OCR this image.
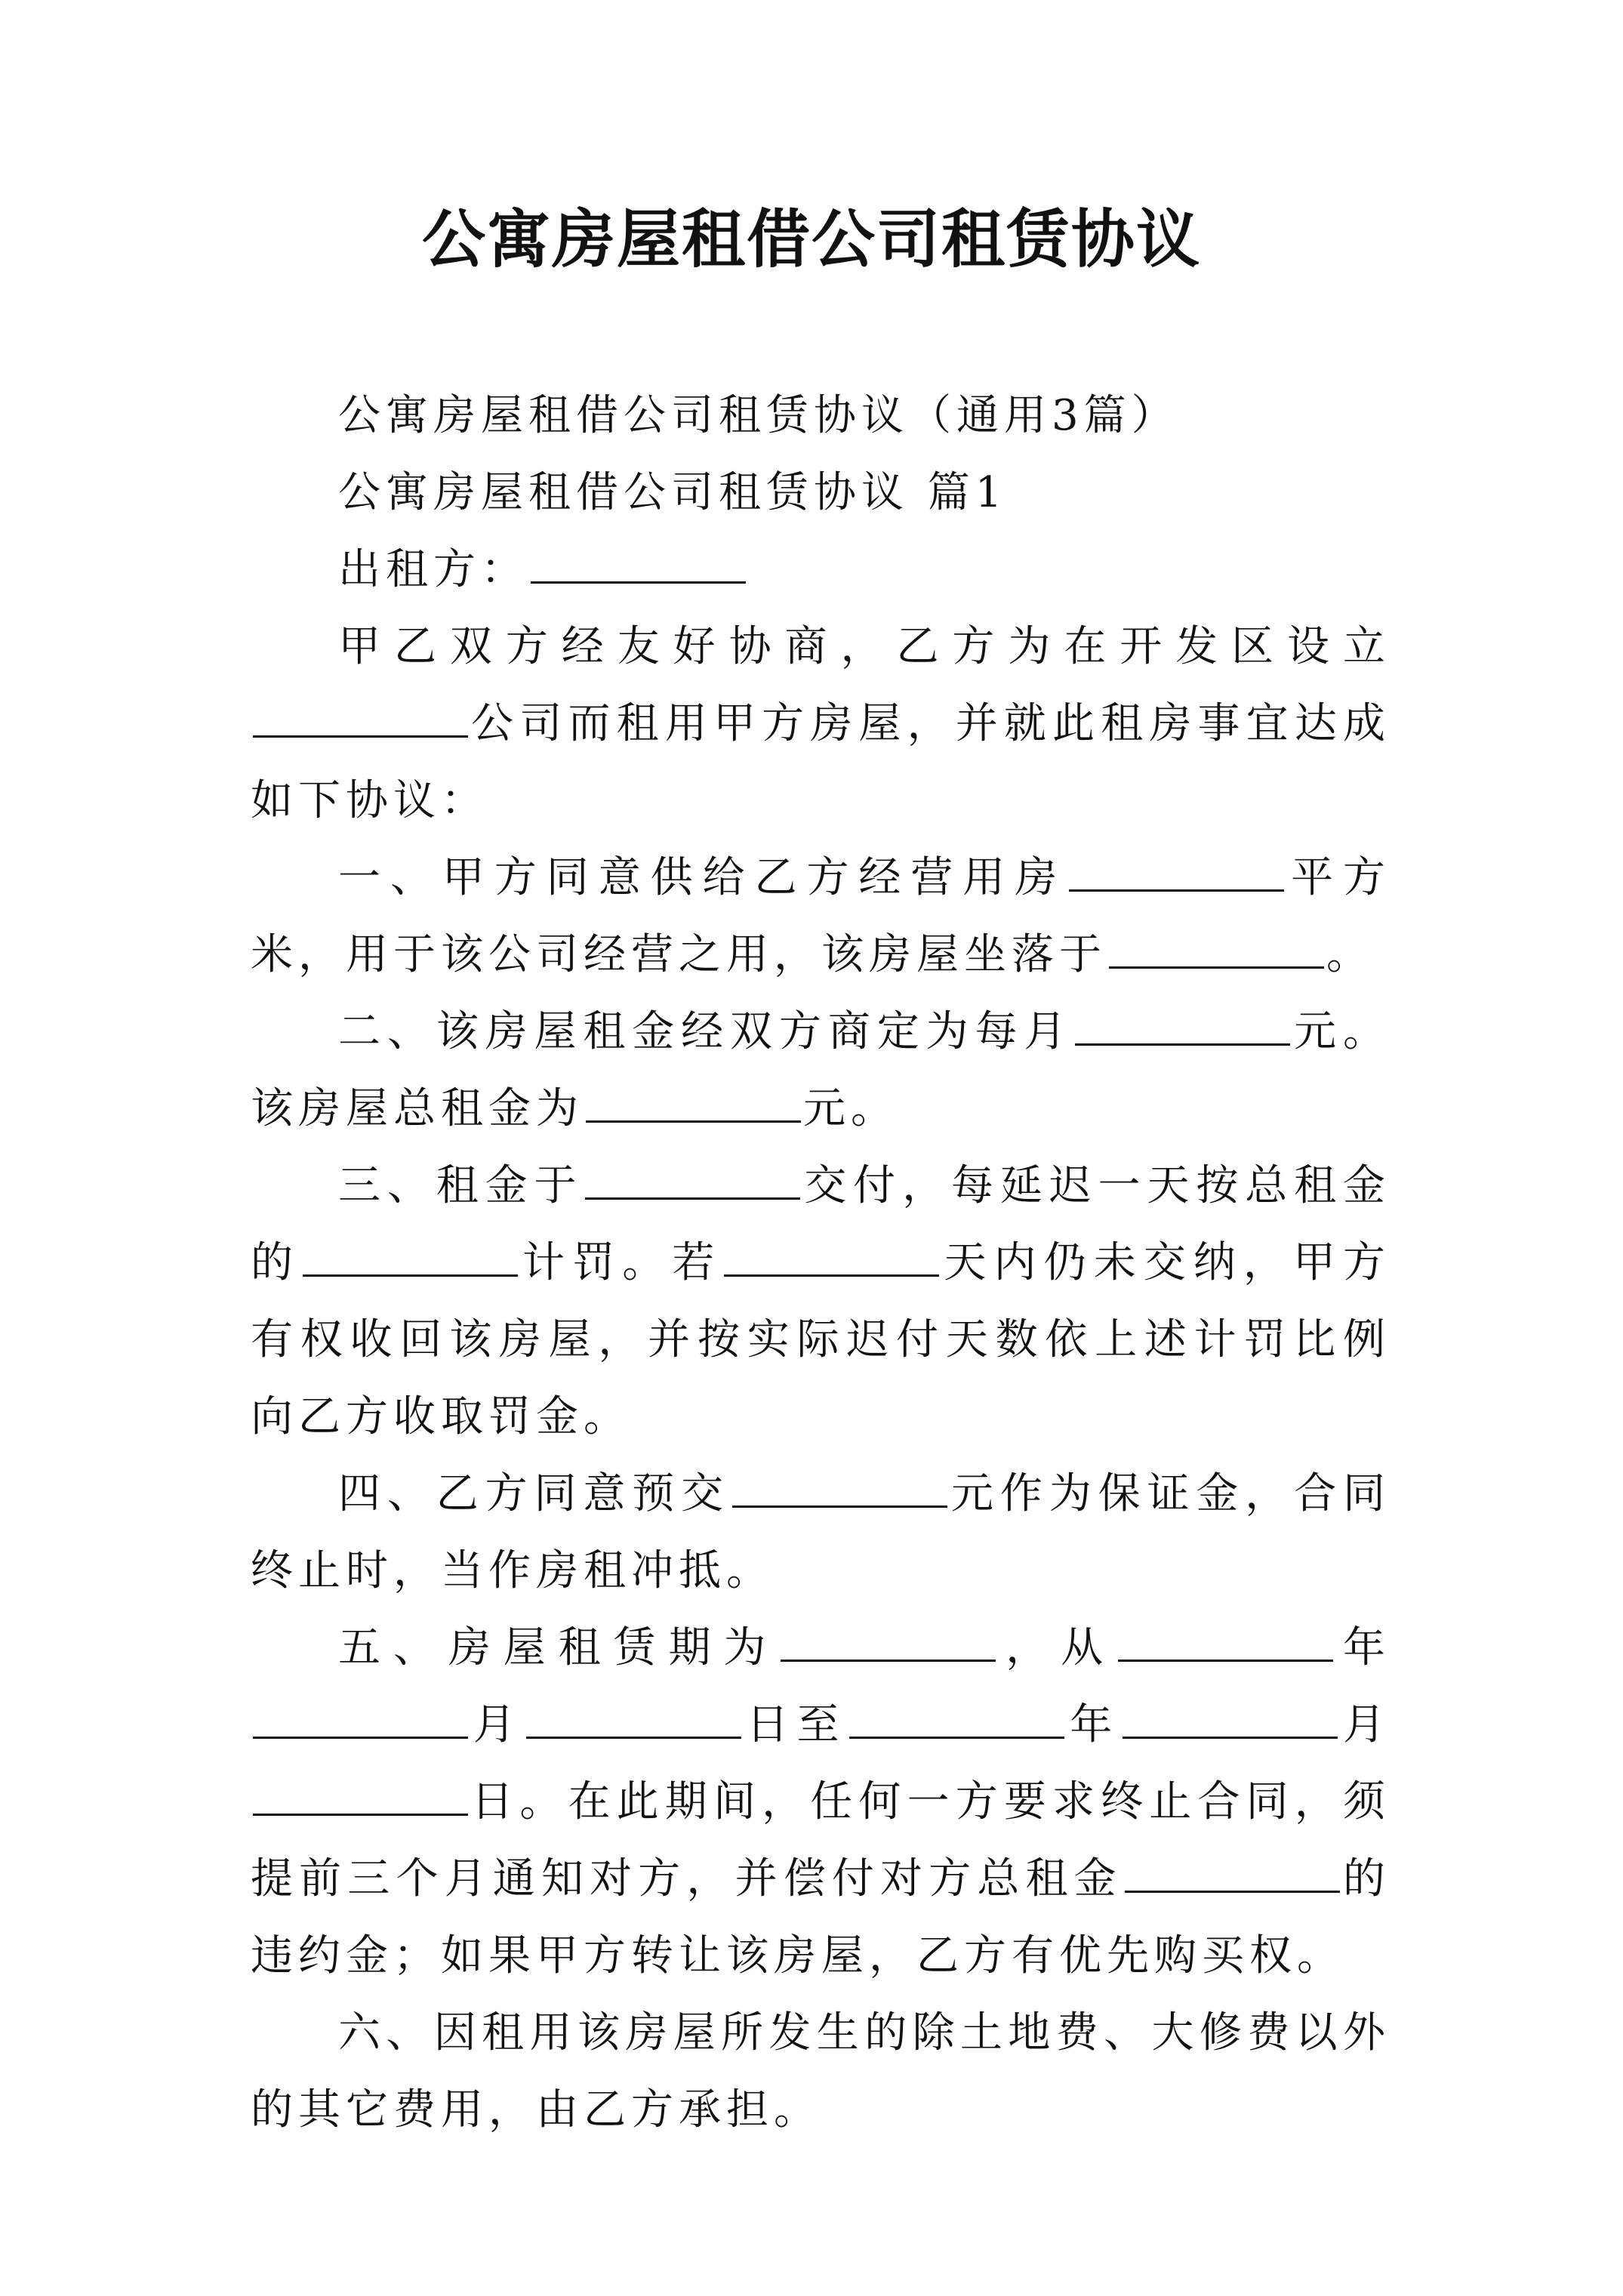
公寓房屋租借公司租赁协议

公寓房屋租借公司租赁协议（通用3篇）

公寓房屋租借公司租赁协议 篇1

出租方：

甲乙双方经友好协商，乙方为在开发区设立公司而租用甲方房屋，并就此租房事宜达成如下协议：

一、甲方同意供给乙方经营用房	平方米，用于该公司经营之用，该房屋坐落于	。

二、该房屋租金经双方商定为每月	元。该房屋总租金为	元。

三、租金于	交付，每延迟一天按总租金的	计罚。若	天内仍未交纳，甲方有权收回该房屋，并按实际迟付天数依上述计罚比例向乙方收取罚金。

四、乙方同意预交	元作为保证金，合同终止时，当作房租冲抵。

五、房屋租赁期为	，从	年月	日至	年	月日。在此期间，任何一方要求终止合同，须提前三个月通知对方，并偿付对方总租金	的违约金；如果甲方转让该房屋，乙方有优先购买权。

六、因租用该房屋所发生的除土地费、大修费以外的其它费用，由乙方承担。
